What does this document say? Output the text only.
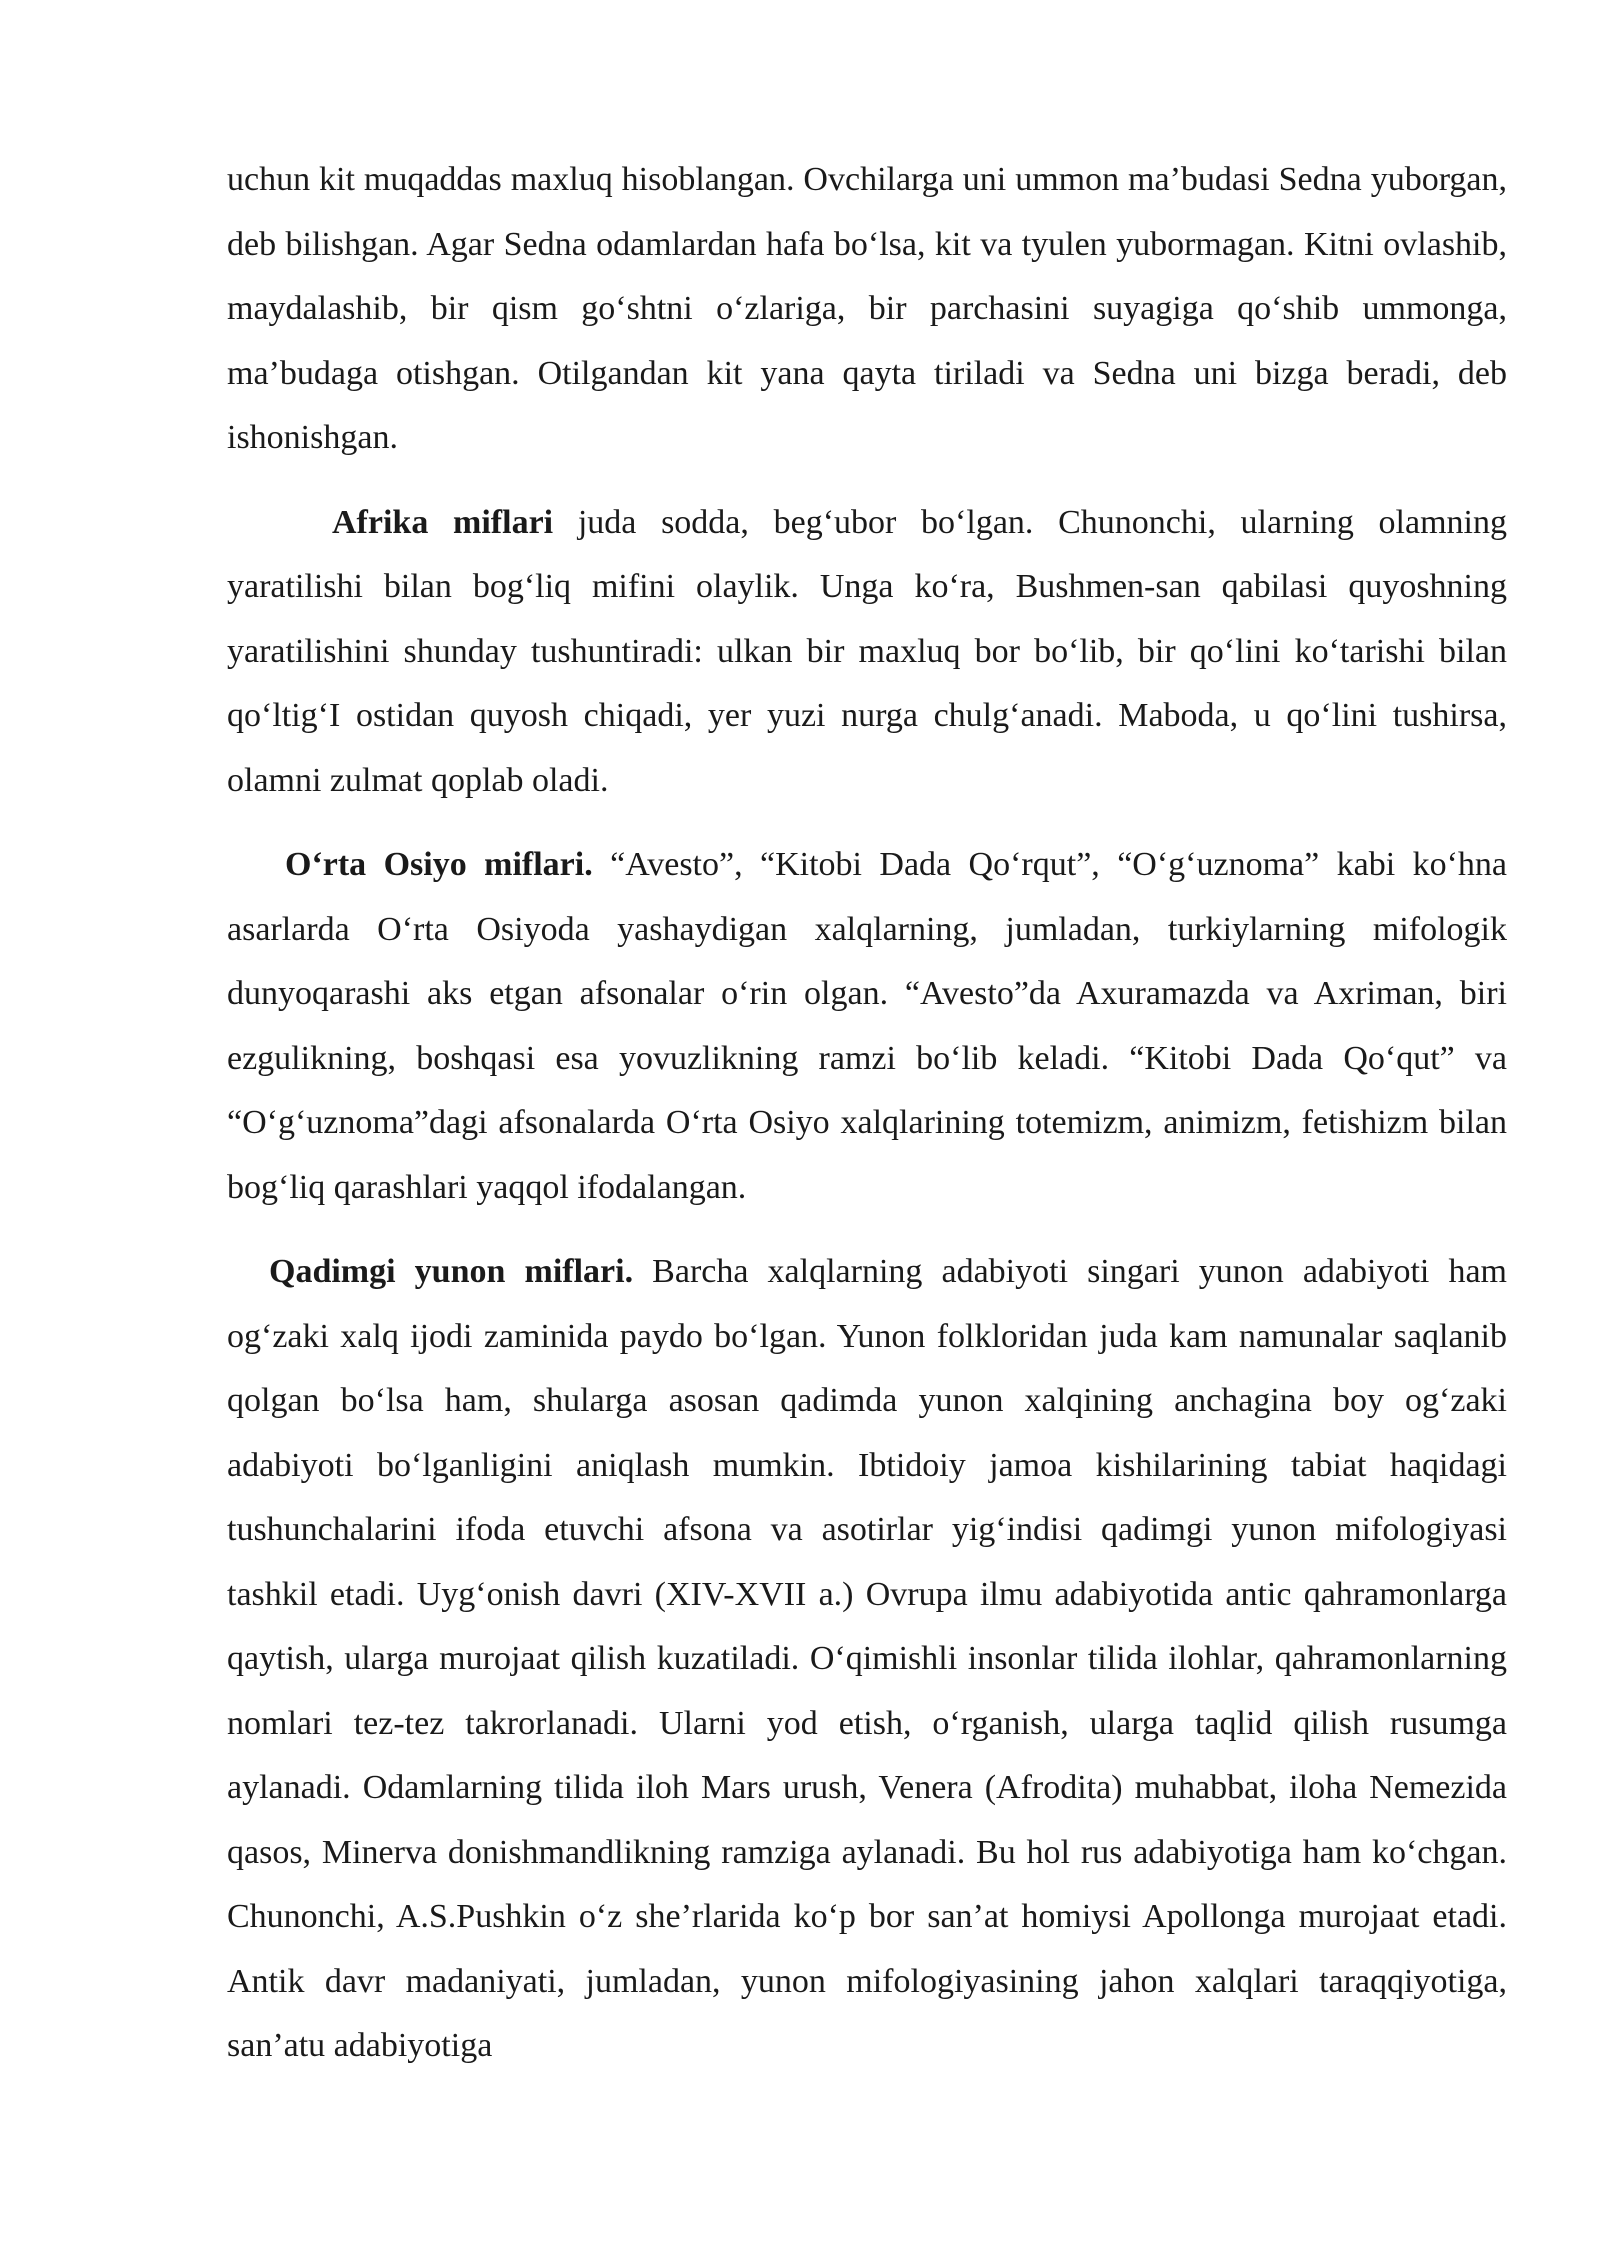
uchun kit muqaddas maxluq hisoblangan. Ovchilarga uni ummon ma’budasi Sedna yuborgan, deb bilishgan. Agar Sedna odamlardan hafa bo‘lsa, kit va tyulen yubormagan. Kitni ovlashib, maydalashib, bir qism go‘shtni o‘zlariga, bir parchasini suyagiga qo‘shib ummonga, ma’budaga otishgan. Otilgandan kit yana qayta tiriladi va Sedna uni bizga beradi, deb ishonishgan.

Afrika miflari juda sodda, beg‘ubor bo‘lgan. Chunonchi, ularning olamning yaratilishi bilan bog‘liq mifini olaylik. Unga ko‘ra, Bushmen-san qabilasi quyoshning yaratilishini shunday tushuntiradi: ulkan bir maxluq bor bo‘lib, bir qo‘lini ko‘tarishi bilan qo‘ltig‘I ostidan quyosh chiqadi, yer yuzi nurga chulg‘anadi. Maboda, u qo‘lini tushirsa, olamni zulmat qoplab oladi.

O‘rta Osiyo miflari. “Avesto”, “Kitobi Dada Qo‘rqut”, “O‘g‘uznoma” kabi ko‘hna asarlarda O‘rta Osiyoda yashaydigan xalqlarning, jumladan, turkiylarning mifologik dunyoqarashi aks etgan afsonalar o‘rin olgan. “Avesto”da Axuramazda va Axriman, biri ezgulikning, boshqasi esa yovuzlikning ramzi bo‘lib keladi. “Kitobi Dada Qo‘qut” va “O‘g‘uznoma”dagi afsonalarda O‘rta Osiyo xalqlarining totemizm, animizm, fetishizm bilan bog‘liq qarashlari yaqqol ifodalangan.

Qadimgi yunon miflari. Barcha xalqlarning adabiyoti singari yunon adabiyoti ham og‘zaki xalq ijodi zaminida paydo bo‘lgan. Yunon folkloridan juda kam namunalar saqlanib qolgan bo‘lsa ham, shularga asosan qadimda yunon xalqining anchagina boy og‘zaki adabiyoti bo‘lganligini aniqlash mumkin. Ibtidoiy jamoa kishilarining tabiat haqidagi tushunchalarini ifoda etuvchi afsona va asotirlar yig‘indisi qadimgi yunon mifologiyasi tashkil etadi. Uyg‘onish davri (XIV-XVII a.) Ovrupa ilmu adabiyotida antic qahramonlarga qaytish, ularga murojaat qilish kuzatiladi. O‘qimishli insonlar tilida ilohlar, qahramonlarning nomlari tez-tez takrorlanadi. Ularni yod etish, o‘rganish, ularga taqlid qilish rusumga aylanadi. Odamlarning tilida iloh Mars urush, Venera (Afrodita) muhabbat, iloha Nemezida qasos, Minerva donishmandlikning ramziga aylanadi. Bu hol rus adabiyotiga ham ko‘chgan. Chunonchi, A.S.Pushkin o‘z she’rlarida ko‘p bor san’at homiysi Apollonga murojaat etadi. Antik davr madaniyati, jumladan, yunon mifologiyasining jahon xalqlari taraqqiyotiga, san’atu adabiyotiga
